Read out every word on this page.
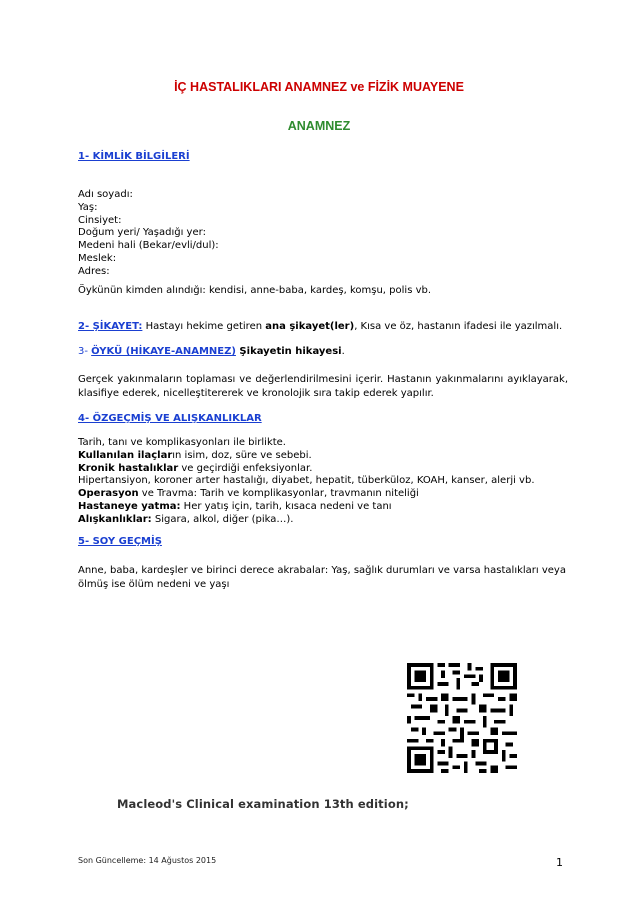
İÇ HASTALIKLARI ANAMNEZ ve FİZİK MUAYENE
ANAMNEZ
1- KİMLİK BİLGİLERİ
Adı soyadı:
Yaş:
Cinsiyet:
Doğum yeri/ Yaşadığı yer:
Medeni hali (Bekar/evli/dul):
Meslek:
Adres:
Öykünün kimden alındığı: kendisi, anne-baba, kardeş, komşu, polis vb.
2- ŞİKAYET: Hastayı hekime getiren ana şikayet(ler), Kısa ve öz, hastanın ifadesi ile yazılmalı.
3- ÖYKÜ (HİKAYE-ANAMNEZ) Şikayetin hikayesi.
Gerçek yakınmaların toplaması ve değerlendirilmesini içerir. Hastanın yakınmalarını ayıklayarak, klasifiye ederek, nicelleştitererek ve kronolojik sıra takip ederek yapılır.
4- ÖZGEÇMİŞ VE ALIŞKANLIKLAR
Tarih, tanı ve komplikasyonları ile birlikte.
Kullanılan ilaçların isim, doz, süre ve sebebi.
Kronik hastalıklar ve geçirdiği enfeksiyonlar.
Hipertansiyon, koroner arter hastalığı, diyabet, hepatit, tüberküloz, KOAH, kanser, alerji vb.
Operasyon ve Travma: Tarih ve komplikasyonlar, travmanın niteliği
Hastaneye yatma: Her yatış için, tarih, kısaca nedeni ve tanı
Alışkanlıklar: Sigara, alkol, diğer (pika…).
5- SOY GEÇMİŞ
Anne, baba, kardeşler ve birinci derece akrabalar: Yaş, sağlık durumları ve varsa hastalıkları veya ölmüş ise ölüm nedeni ve yaşı
Macleod's Clinical examination 13th edition;
Son Güncelleme: 14 Ağustos 2015	1
